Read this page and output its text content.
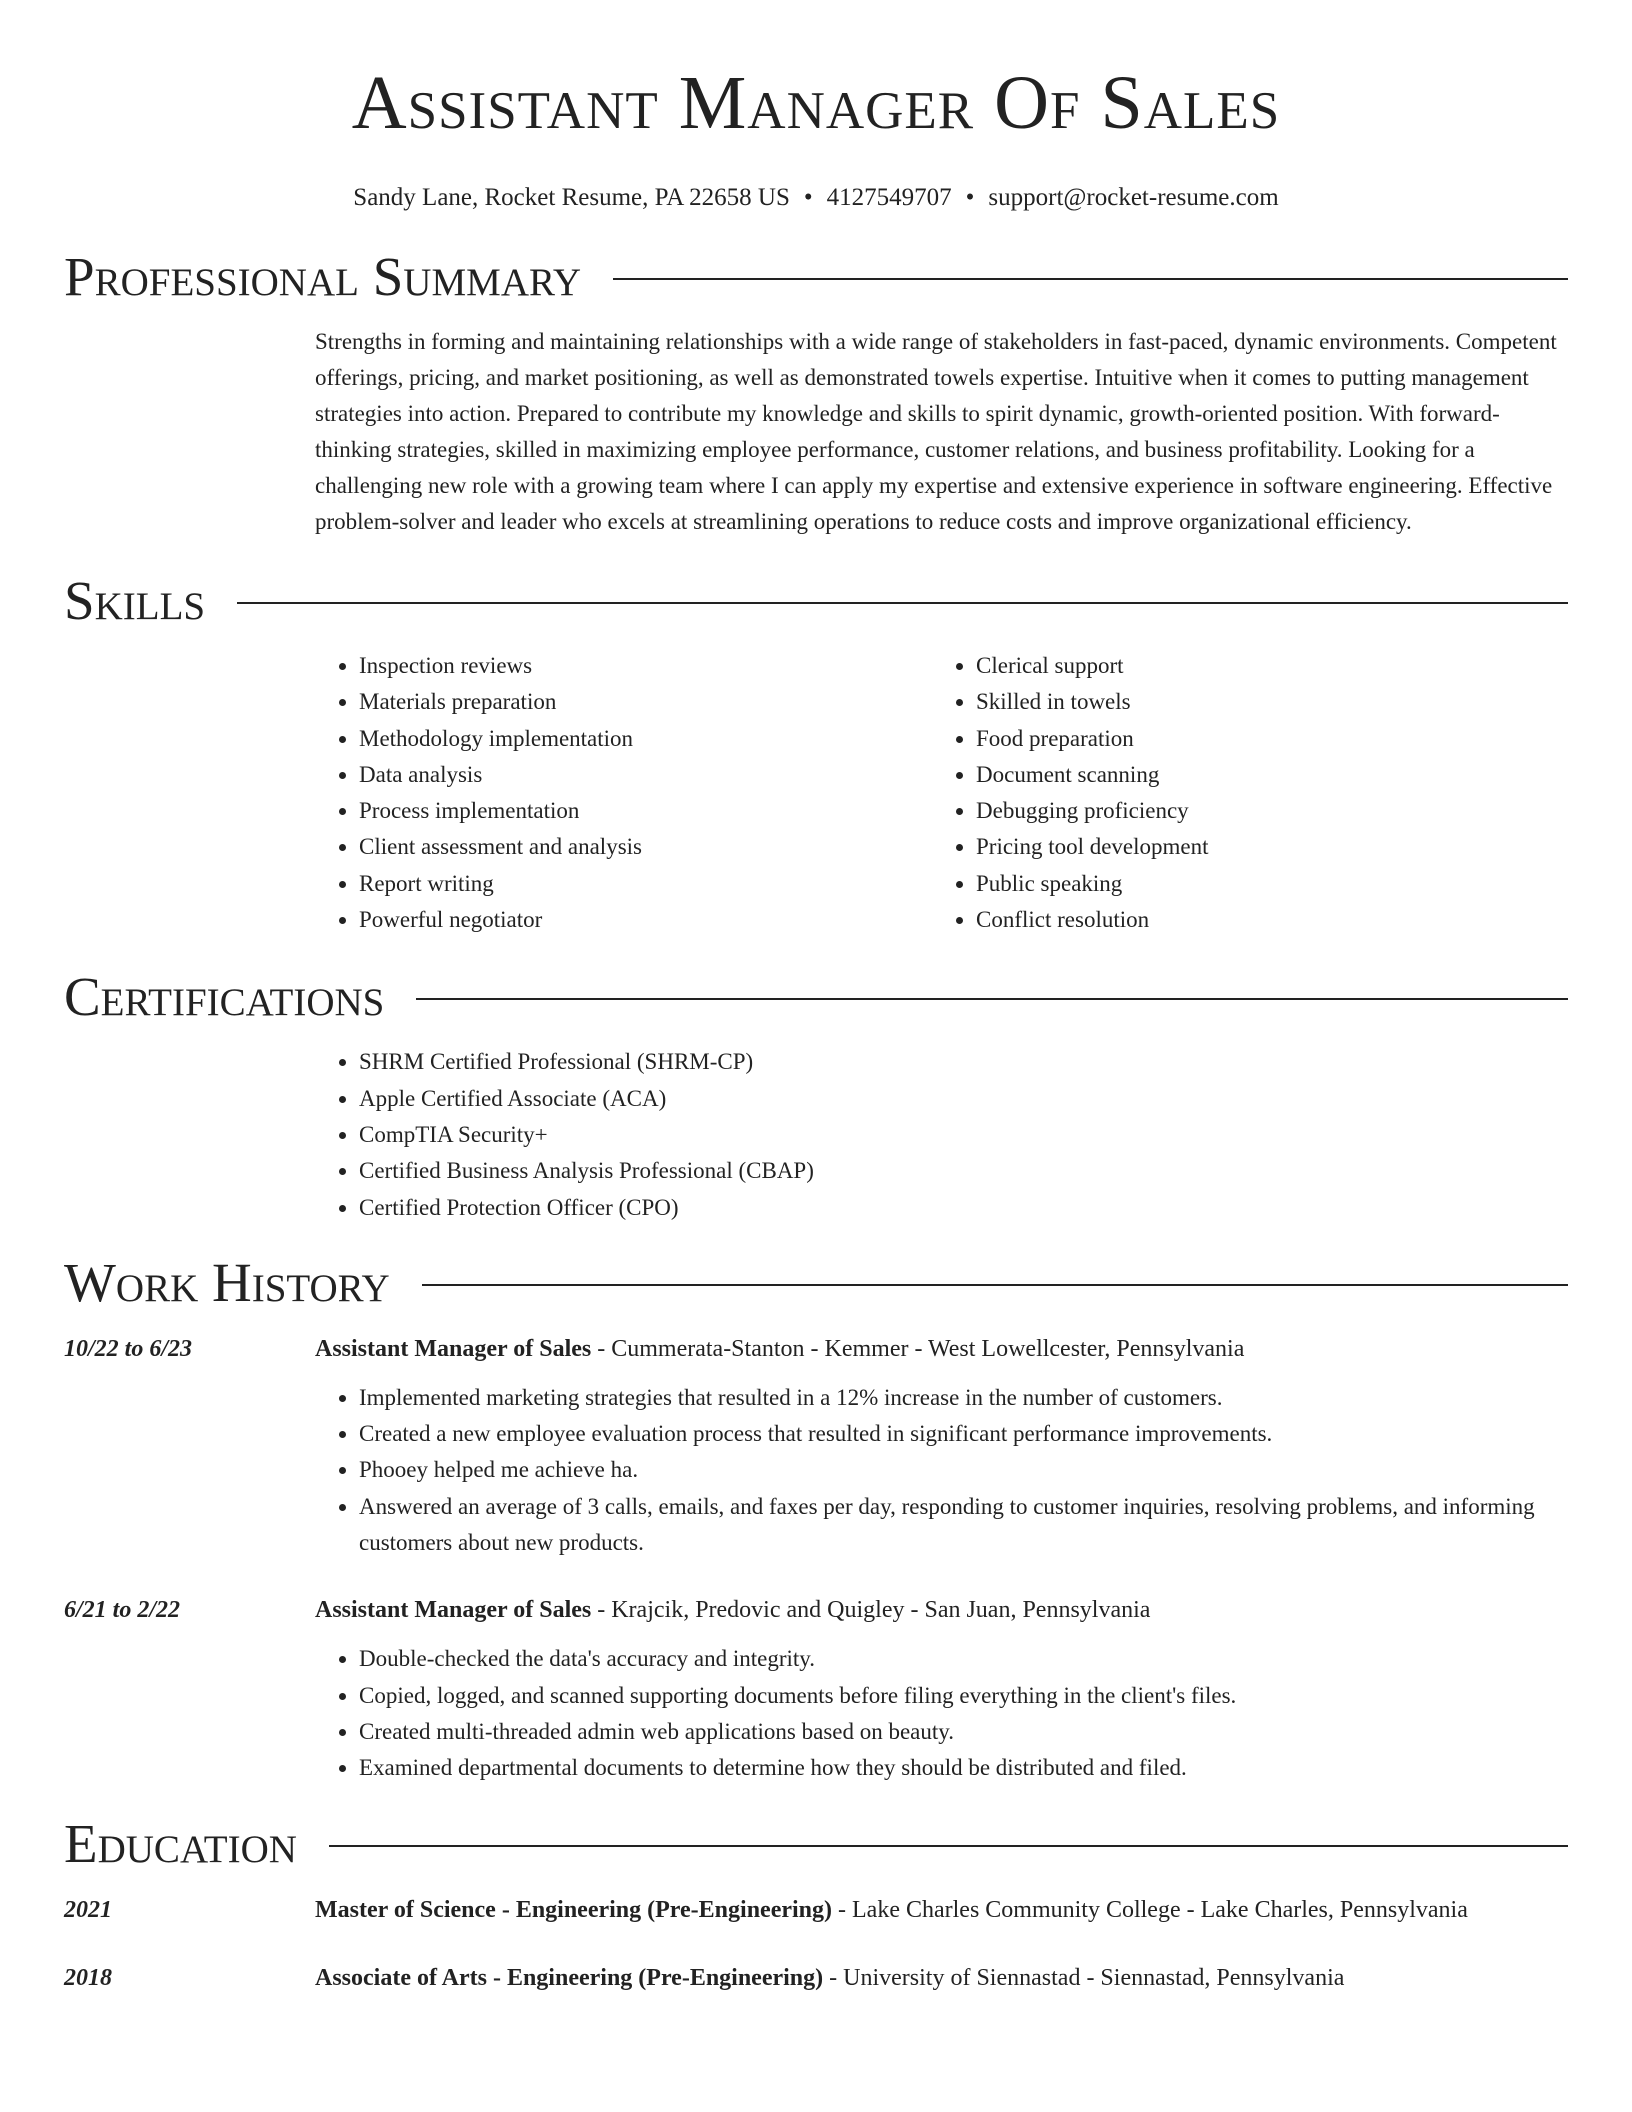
Assistant Manager Of Sales
Sandy Lane, Rocket Resume, PA 22658 US • 4127549707 • support@rocket-resume.com
Professional Summary
Strengths in forming and maintaining relationships with a wide range of stakeholders in fast-paced, dynamic environments. Competent offerings, pricing, and market positioning, as well as demonstrated towels expertise. Intuitive when it comes to putting management strategies into action. Prepared to contribute my knowledge and skills to spirit dynamic, growth-oriented position. With forward-thinking strategies, skilled in maximizing employee performance, customer relations, and business profitability. Looking for a challenging new role with a growing team where I can apply my expertise and extensive experience in software engineering. Effective problem-solver and leader who excels at streamlining operations to reduce costs and improve organizational efficiency.
Skills
• Inspection reviews
• Materials preparation
• Methodology implementation
• Data analysis
• Process implementation
• Client assessment and analysis
• Report writing
• Powerful negotiator
• Clerical support
• Skilled in towels
• Food preparation
• Document scanning
• Debugging proficiency
• Pricing tool development
• Public speaking
• Conflict resolution
Certifications
• SHRM Certified Professional (SHRM-CP)
• Apple Certified Associate (ACA)
• CompTIA Security+
• Certified Business Analysis Professional (CBAP)
• Certified Protection Officer (CPO)
Work History
10/22 to 6/23	Assistant Manager of Sales - Cummerata-Stanton - Kemmer - West Lowellcester, Pennsylvania
• Implemented marketing strategies that resulted in a 12% increase in the number of customers.
• Created a new employee evaluation process that resulted in significant performance improvements.
• Phooey helped me achieve ha.
• Answered an average of 3 calls, emails, and faxes per day, responding to customer inquiries, resolving problems, and informing customers about new products.
6/21 to 2/22	Assistant Manager of Sales - Krajcik, Predovic and Quigley - San Juan, Pennsylvania
• Double-checked the data's accuracy and integrity.
• Copied, logged, and scanned supporting documents before filing everything in the client's files.
• Created multi-threaded admin web applications based on beauty.
• Examined departmental documents to determine how they should be distributed and filed.
Education
2021	Master of Science - Engineering (Pre-Engineering) - Lake Charles Community College - Lake Charles, Pennsylvania
2018	Associate of Arts - Engineering (Pre-Engineering) - University of Siennastad - Siennastad, Pennsylvania
